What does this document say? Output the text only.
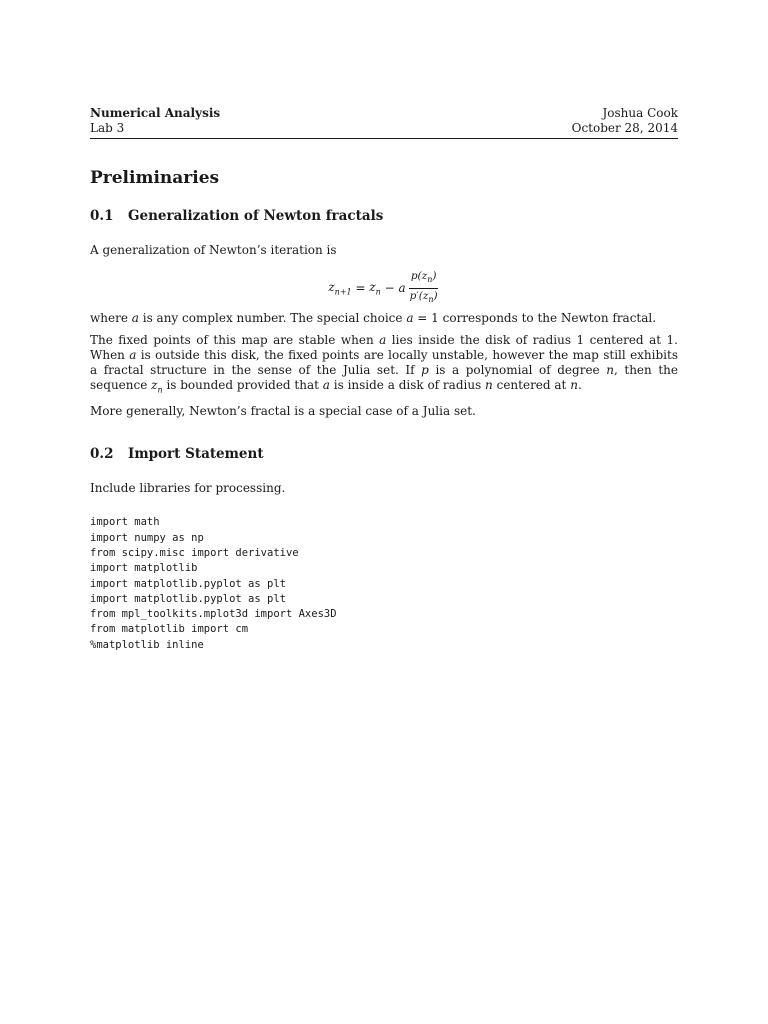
Numerical Analysis
Lab 3
Joshua Cook
October 28, 2014
Preliminaries
0.1 Generalization of Newton fractals

A generalization of Newton’s iteration is

$z_{n+1} = z_n - a \frac{p(z_n)}{p'(z_n)}$

where a is any complex number. The special choice a = 1 corresponds to the Newton fractal.

The fixed points of this map are stable when a lies inside the disk of radius 1 centered at 1. When a is outside this disk, the fixed points are locally unstable, however the map still exhibits a fractal structure in the sense of the Julia set. If p is a polynomial of degree n, then the sequence $z_n$ is bounded provided that a is inside a disk of radius n centered at n.

More generally, Newton’s fractal is a special case of a Julia set.

0.2 Import Statement

Include libraries for processing.

import math
import numpy as np
from scipy.misc import derivative
import matplotlib
import matplotlib.pyplot as plt
import matplotlib.pyplot as plt
from mpl_toolkits.mplot3d import Axes3D
from matplotlib import cm
%matplotlib inline
